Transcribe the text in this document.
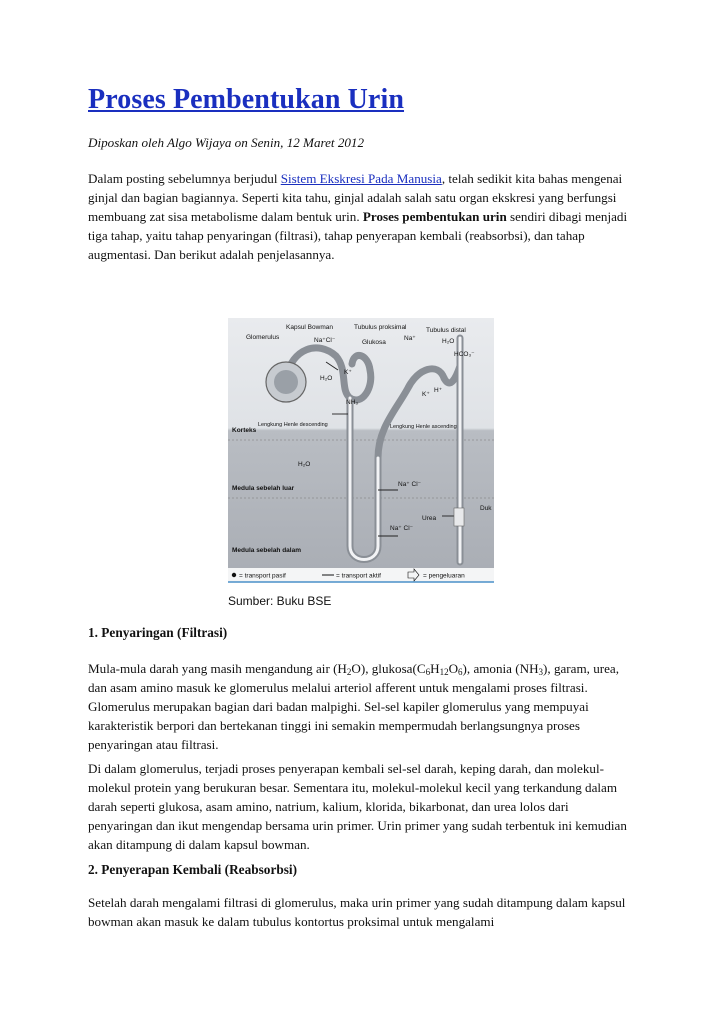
Proses Pembentukan Urin

Diposkan oleh Algo Wijaya on Senin, 12 Maret 2012

Dalam posting sebelumnya berjudul Sistem Ekskresi Pada Manusia, telah sedikit kita bahas mengenai ginjal dan bagian bagiannya. Seperti kita tahu, ginjal adalah salah satu organ ekskresi yang berfungsi membuang zat sisa metabolisme dalam bentuk urin. Proses pembentukan urin sendiri dibagi menjadi tiga tahap, yaitu tahap penyaringan (filtrasi), tahap penyerapan kembali (reabsorbsi), dan tahap augmentasi. Dan berikut adalah penjelasannya.

1. Penyaringan (Filtrasi)

Mula-mula darah yang masih mengandung air $(H_2O)$, $glukosa(C_6H_{12}O_6)$, amonia $(NH_3)$, garam, urea, dan asam amino masuk ke glomerulus melalui arteriol afferent untuk mengalami proses filtrasi. Glomerulus merupakan bagian dari badan malpighi. Sel-sel kapiler glomerulus yang mempuyai karakteristik berpori dan bertekanan tinggi ini semakin mempermudah berlangsungnya proses penyaringan atau filtrasi.

Di dalam glomerulus, terjadi proses penyerapan kembali sel-sel darah, keping darah, dan molekul-molekul protein yang berukuran besar. Sementara itu, molekul-molekul kecil yang terkandung dalam darah seperti glukosa, asam amino, natrium, kalium, klorida, bikarbonat, dan urea lolos dari penyaringan dan ikut mengendap bersama urin primer. Urin primer yang sudah terbentuk ini kemudian akan ditampung di dalam kapsul bowman.

2. Penyerapan Kembali (Reabsorbsi)

Setelah darah mengalami filtrasi di glomerulus, maka urin primer yang sudah ditampung dalam kapsul bowman akan masuk ke dalam tubulus kontortus proksimal untuk mengalami

Kapsul Bowman	Tubulus proksimal	Tubulus distal
Glomerulus	Na⁺Cl⁻	Glukosa
Na⁺	H₂O
HCO₃⁻
H₂O
K⁺
H⁺
K⁺
NH₃
Lengkung Henle descending	Lengkung Henle ascending
Korteks
H₂O
Medula sebelah luar
Na⁺ Cl⁻
Urea
Duk
Na⁺ Cl⁻
Medula sebelah dalam
= transport pasif	= transport aktif	= pengeluaran
Sumber: Buku BSE
